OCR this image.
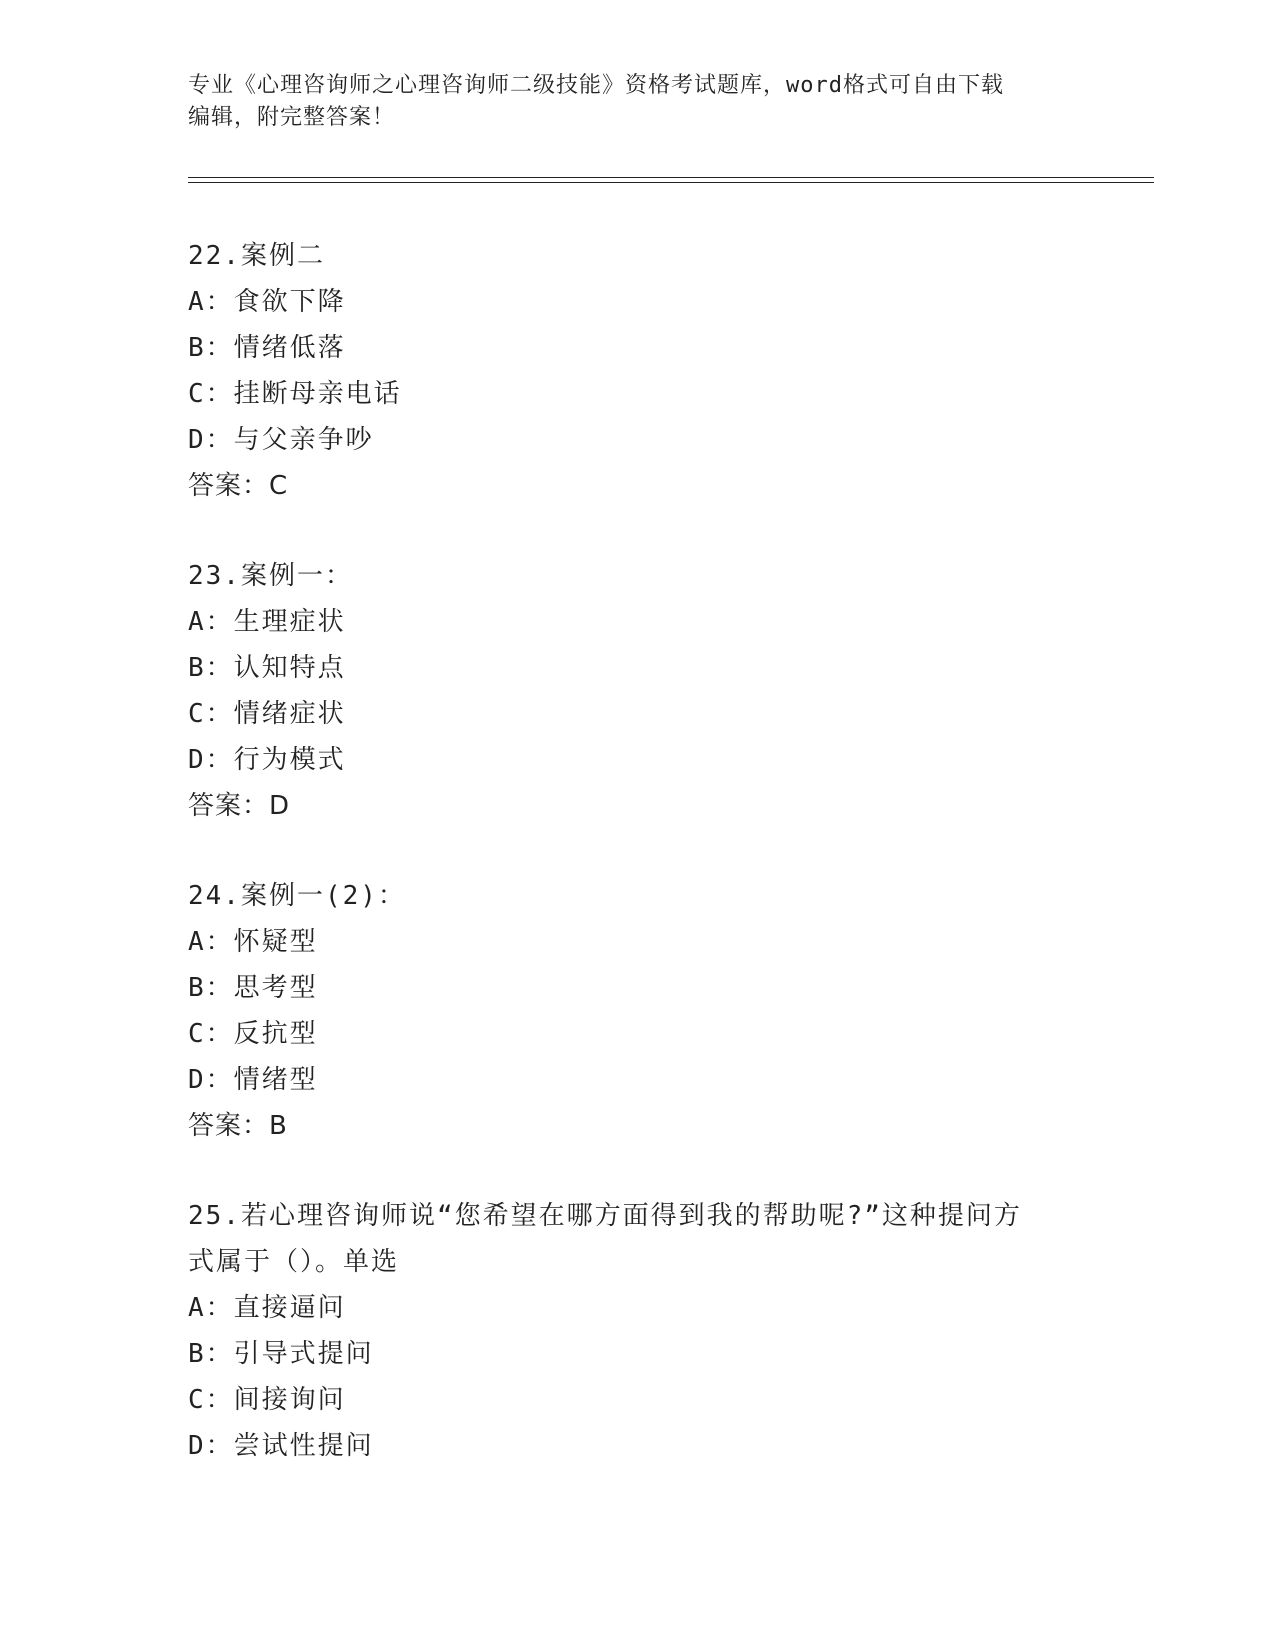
专业《心理咨询师之心理咨询师二级技能》资格考试题库，word格式可自由下载
编辑，附完整答案！
22.案例二
A：食欲下降
B：情绪低落
C：挂断母亲电话
D：与父亲争吵
答案：C
23.案例一：
A：生理症状
B：认知特点
C：情绪症状
D：行为模式
答案：D
24.案例一(2)：
A：怀疑型
B：思考型
C：反抗型
D：情绪型
答案：B
25.若心理咨询师说“您希望在哪方面得到我的帮助呢?”这种提问方
式属于（）。单选
A：直接逼问
B：引导式提问
C：间接询问
D：尝试性提问
